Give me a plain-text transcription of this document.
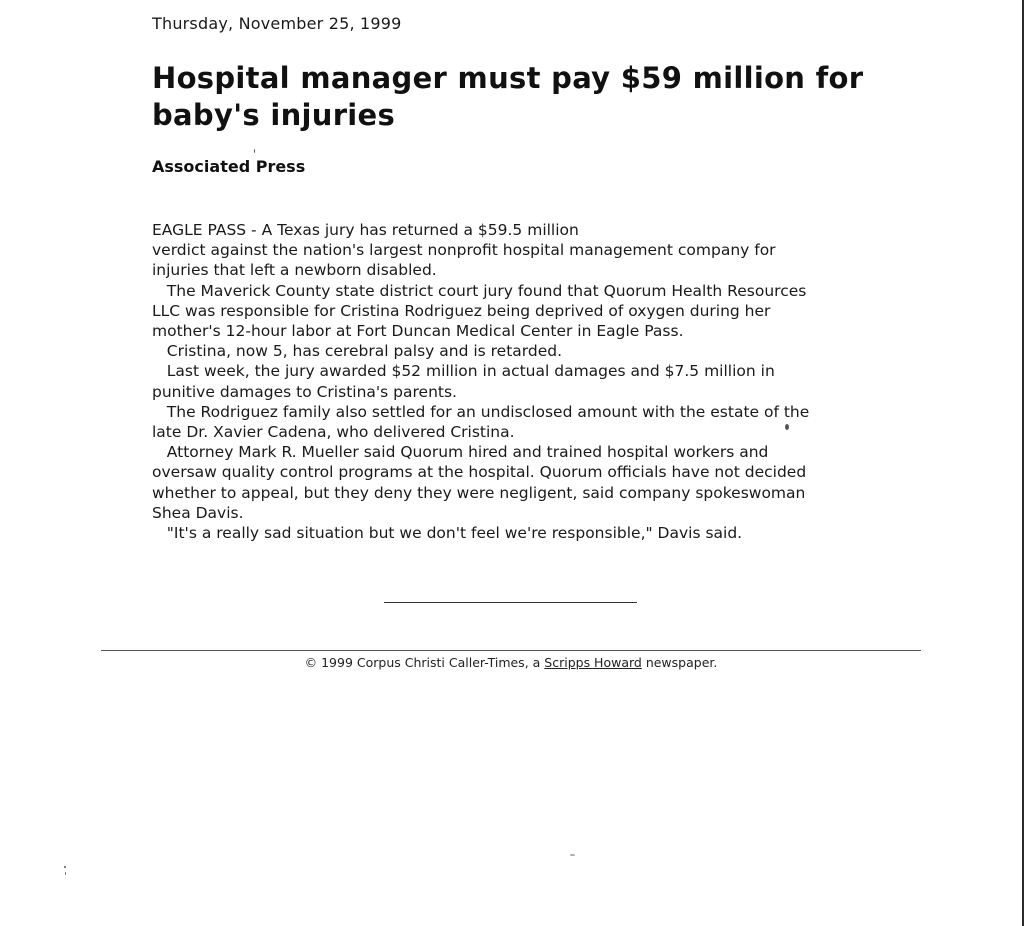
Thursday, November 25, 1999
Hospital manager must pay $59 million for baby's injuries
Associated Press

EAGLE PASS - A Texas jury has returned a $59.5 million

verdict against the nation's largest nonprofit hospital management company for

injuries that left a newborn disabled.

The Maverick County state district court jury found that Quorum Health Resources

LLC was responsible for Cristina Rodriguez being deprived of oxygen during her

mother's 12-hour labor at Fort Duncan Medical Center in Eagle Pass.

Cristina, now 5, has cerebral palsy and is retarded.

Last week, the jury awarded $52 million in actual damages and $7.5 million in

punitive damages to Cristina's parents.

The Rodriguez family also settled for an undisclosed amount with the estate of the

late Dr. Xavier Cadena, who delivered Cristina.

Attorney Mark R. Mueller said Quorum hired and trained hospital workers and

oversaw quality control programs at the hospital. Quorum officials have not decided

whether to appeal, but they deny they were negligent, said company spokeswoman

Shea Davis.

"It's a really sad situation but we don't feel we're responsible," Davis said.

© 1999 Corpus Christi Caller-Times, a Scripps Howard newspaper.
